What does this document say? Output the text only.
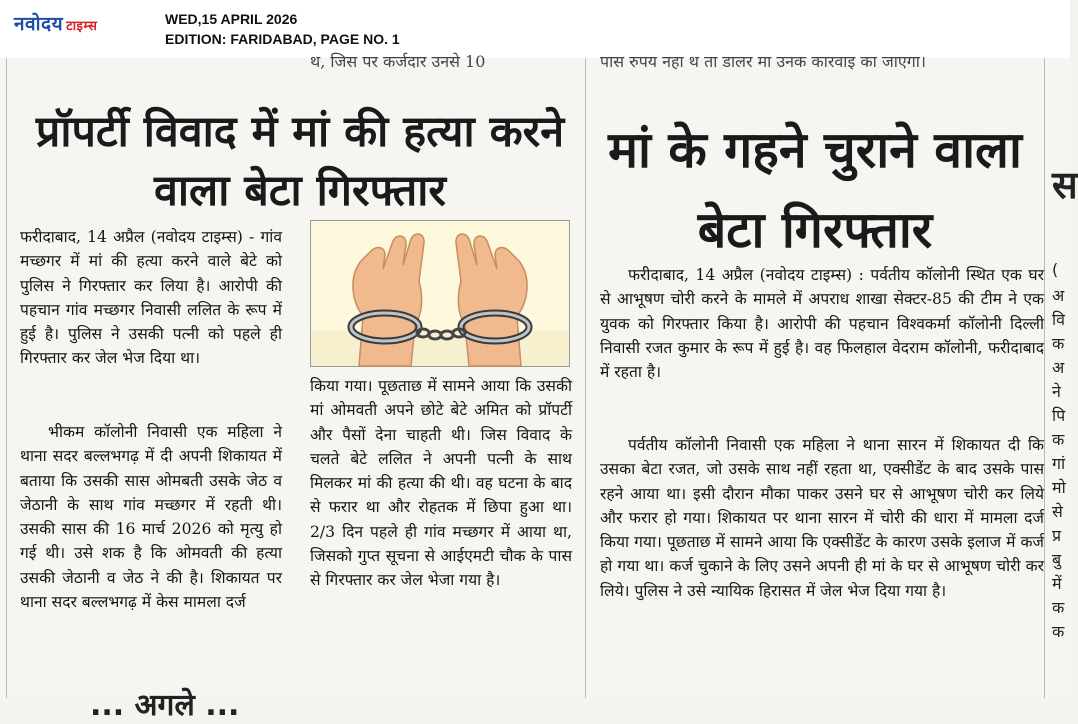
नवोदय टाइम्स	WED,15 APRIL 2026
EDITION: FARIDABAD, PAGE NO. 1
थ, जिस पर कर्जदार उनसे 10	पास रुपय नहा थ ता डालर मा उनक कारवाइ का जाएगा।
प्रॉपर्टी विवाद में मां की हत्या करने वाला बेटा गिरफ्तार

फरीदाबाद, 14 अप्रैल (नवोदय टाइम्स) - गांव मच्छगर में मां की हत्या करने वाले बेटे को पुलिस ने गिरफ्तार कर लिया है। आरोपी की पहचान गांव मच्छगर निवासी ललित के रूप में हुई है। पुलिस ने उसकी पत्नी को पहले ही गिरफ्तार कर जेल भेज दिया था।

भीकम कॉलोनी निवासी एक महिला ने थाना सदर बल्लभगढ़ में दी अपनी शिकायत में बताया कि उसकी सास ओमबती उसके जेठ व जेठानी के साथ गांव मच्छगर में रहती थी। उसकी सास की 16 मार्च 2026 को मृत्यु हो गई थी। उसे शक है कि ओमवती की हत्या उसकी जेठानी व जेठ ने की है। शिकायत पर थाना सदर बल्लभगढ़ में केस मामला दर्ज

किया गया। पूछताछ में सामने आया कि उसकी मां ओमवती अपने छोटे बेटे अमित को प्रॉपर्टी और पैसों देना चाहती थी। जिस विवाद के चलते बेटे ललित ने अपनी पत्नी के साथ मिलकर मां की हत्या की थी। वह घटना के बाद से फरार था और रोहतक में छिपा हुआ था। 2/3 दिन पहले ही गांव मच्छगर में आया था, जिसको गुप्त सूचना से आईएमटी चौक के पास से गिरफ्तार कर जेल भेजा गया है।

मां के गहने चुराने वाला बेटा गिरफ्तार

फरीदाबाद, 14 अप्रैल (नवोदय टाइम्स) : पर्वतीय कॉलोनी स्थित एक घर से आभूषण चोरी करने के मामले में अपराध शाखा सेक्टर-85 की टीम ने एक युवक को गिरफ्तार किया है। आरोपी की पहचान विश्वकर्मा कॉलोनी दिल्ली निवासी रजत कुमार के रूप में हुई है। वह फिलहाल वेदराम कॉलोनी, फरीदाबाद में रहता है।

पर्वतीय कॉलोनी निवासी एक महिला ने थाना सारन में शिकायत दी कि उसका बेटा रजत, जो उसके साथ नहीं रहता था, एक्सीडेंट के बाद उसके पास रहने आया था। इसी दौरान मौका पाकर उसने घर से आभूषण चोरी कर लिये और फरार हो गया। शिकायत पर थाना सारन में चोरी की धारा में मामला दर्ज किया गया। पूछताछ में सामने आया कि एक्सीडेंट के कारण उसके इलाज में कर्ज हो गया था। कर्ज चुकाने के लिए उसने अपनी ही मां के घर से आभूषण चोरी कर लिये। पुलिस ने उसे न्यायिक हिरासत में जेल भेज दिया गया है।

स
(
अ
वि
क
अ
ने
पि
क
गां
मो
से
प्र
बु
में
क
क
... अगले ...
